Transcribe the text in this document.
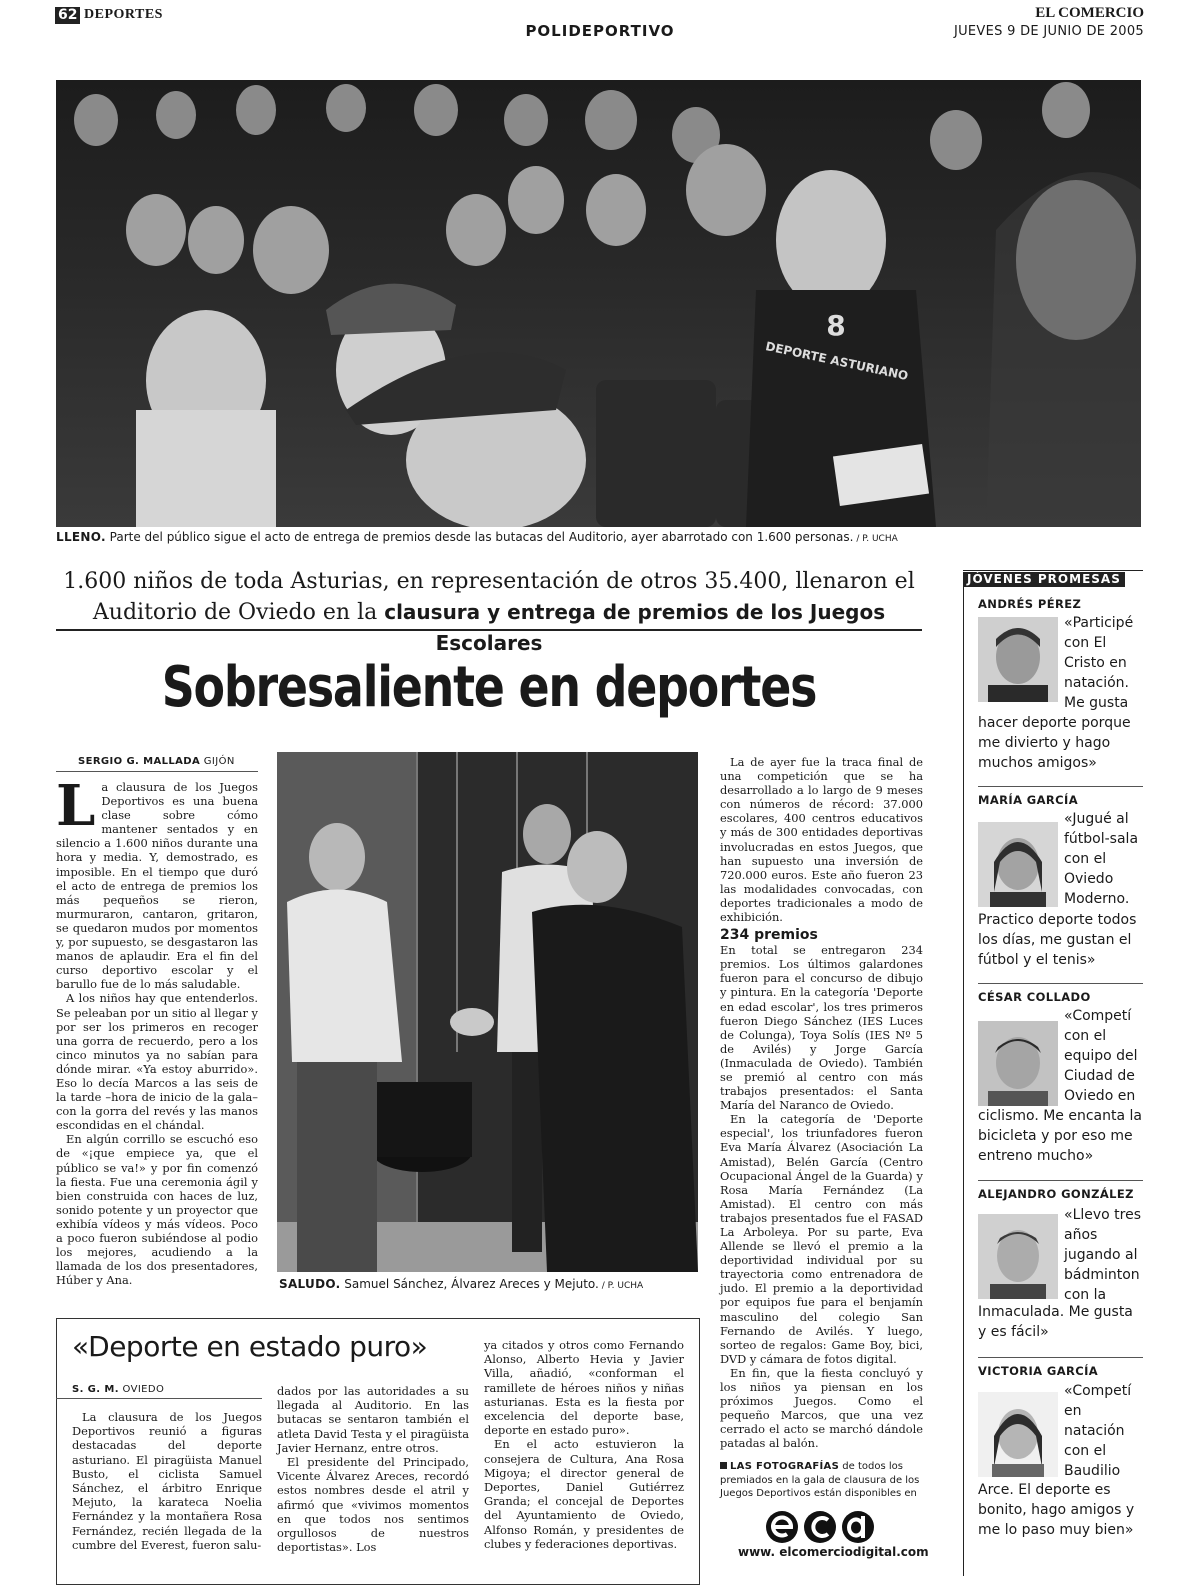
62 DEPORTES
POLIDEPORTIVO
EL COMERCIO
JUEVES 9 DE JUNIO DE 2005
8
DEPORTE ASTURIANO
LLENO. Parte del público sigue el acto de entrega de premios desde las butacas del Auditorio, ayer abarrotado con 1.600 personas. / P. UCHA
1.600 niños de toda Asturias, en representación de otros 35.400, llenaron el
Auditorio de Oviedo en la clausura y entrega de premios de los Juegos Escolares
Sobresaliente en deportes
SERGIO G. MALLADA GIJÓN
L a clausura de los Juegos Deportivos es una buena clase sobre cómo mantener sentados y en silencio a 1.600 niños durante una hora y media. Y, demostrado, es imposible. En el tiempo que duró el acto de entrega de premios los más pequeños se rieron, murmuraron, cantaron, gritaron, se quedaron mudos por momentos y, por supuesto, se desgastaron las manos de aplaudir. Era el fin del curso deportivo escolar y el barullo fue de lo más saludable.

A los niños hay que entenderlos. Se peleaban por un sitio al llegar y por ser los primeros en recoger una gorra de recuerdo, pero a los cinco minutos ya no sabían para dónde mirar. «Ya estoy aburrido». Eso lo decía Marcos a las seis de la tarde –hora de inicio de la gala– con la gorra del revés y las manos escondidas en el chándal.

En algún corrillo se escuchó eso de «¡que empiece ya, que el público se va!» y por fin comenzó la fiesta. Fue una ceremonia ágil y bien construida con haces de luz, sonido potente y un proyector que exhibía vídeos y más vídeos. Poco a poco fueron subiéndose al podio los mejores, acudiendo a la llamada de los dos presentadores, Húber y Ana.	SALUDO. Samuel Sánchez, Álvarez Areces y Mejuto. / P. UCHA

La de ayer fue la traca final de una competición que se ha desarrollado a lo largo de 9 meses con números de récord: 37.000 escolares, 400 centros educativos y más de 300 entidades deportivas involucradas en estos Juegos, que han supuesto una inversión de 720.000 euros. Este año fueron 23 las modalidades convocadas, con deportes tradicionales a modo de exhibición.

234 premios

En total se entregaron 234 premios. Los últimos galardones fueron para el concurso de dibujo y pintura. En la categoría 'Deporte en edad escolar', los tres primeros fueron Diego Sánchez (IES Luces de Colunga), Toya Solís (IES Nº 5 de Avilés) y Jorge García (Inmaculada de Oviedo). También se premió al centro con más trabajos presentados: el Santa María del Naranco de Oviedo.

En la categoría de 'Deporte especial', los triunfadores fueron Eva María Álvarez (Asociación La Amistad), Belén García (Centro Ocupacional Ángel de la Guarda) y Rosa María Fernández (La Amistad). El centro con más trabajos presentados fue el FASAD La Arboleya. Por su parte, Eva Allende se llevó el premio a la deportividad individual por su trayectoria como entrenadora de judo. El premio a la deportividad por equipos fue para el benjamín masculino del colegio San Fernando de Avilés. Y luego, sorteo de regalos: Game Boy, bici, DVD y cámara de fotos digital.

En fin, que la fiesta concluyó y los niños ya piensan en los próximos Juegos. Como el pequeño Marcos, que una vez cerrado el acto se marchó dándole patadas al balón.

«Deporte en estado puro»
S. G. M. OVIEDO

La clausura de los Juegos Deportivos reunió a figuras destacadas del deporte asturiano. El piragüista Manuel Busto, el ciclista Samuel Sánchez, el árbitro Enrique Mejuto, la karateca Noelia Fernández y la montañera Rosa Fernández, recién llegada de la cumbre del Everest, fueron salu-

dados por las autoridades a su llegada al Auditorio. En las butacas se sentaron también el atleta David Testa y el piragüista Javier Hernanz, entre otros.

El presidente del Principado, Vicente Álvarez Areces, recordó estos nombres desde el atril y afirmó que «vivimos momentos en que todos nos sentimos orgullosos de nuestros deportistas». Los

ya citados y otros como Fernando Alonso, Alberto Hevia y Javier Villa, añadió, «conforman el ramillete de héroes niños y niñas asturianas. Esta es la fiesta por excelencia del deporte base, deporte en estado puro».

En el acto estuvieron la consejera de Cultura, Ana Rosa Migoya; el director general de Deportes, Daniel Gutiérrez Granda; el concejal de Deportes del Ayuntamiento de Oviedo, Alfonso Román, y presidentes de clubes y federaciones deportivas.

LAS FOTOGRAFÍAS de todos los premiados en la gala de clausura de los Juegos Deportivos están disponibles en
ecd
www. elcomerciodigital.com
JÓVENES PROMESAS
ANDRÉS PÉREZ
«Participé con El Cristo en natación. Me gusta
hacer deporte porque me divierto y hago muchos amigos»
MARÍA GARCÍA
«Jugué al fútbol-sala con el Oviedo Moderno.
Practico deporte todos los días, me gustan el fútbol y el tenis»
CÉSAR COLLADO
«Competí con el equipo del Ciudad de Oviedo en
ciclismo. Me encanta la bicicleta y por eso me entreno mucho»
ALEJANDRO GONZÁLEZ
«Llevo tres años jugando al bádminton con la
Inmaculada. Me gusta y es fácil»
VICTORIA GARCÍA
«Competí en natación con el Baudilio
Arce. El deporte es bonito, hago amigos y me lo paso muy bien»
